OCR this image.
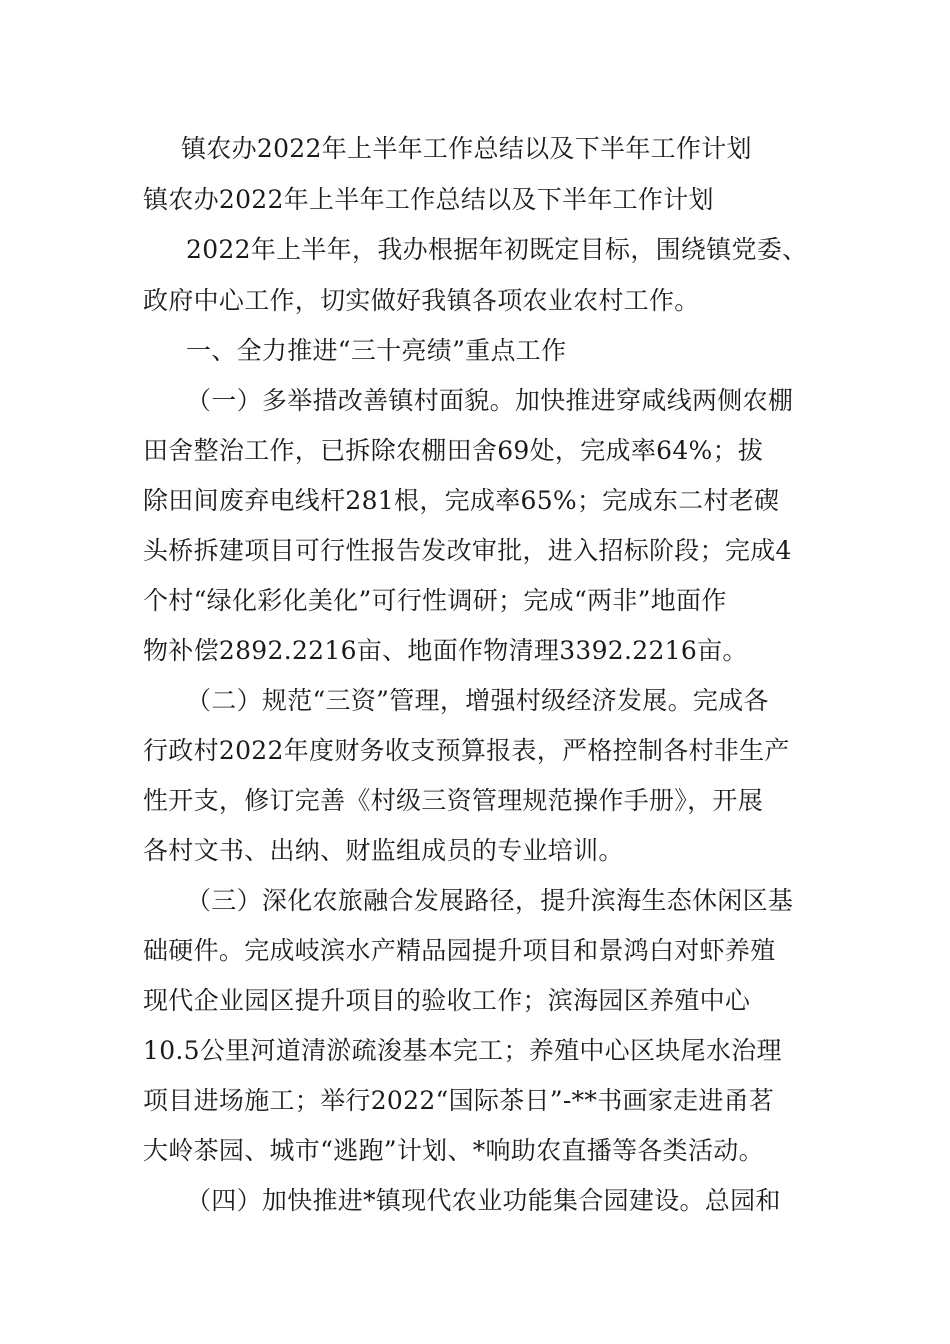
镇农办2022年上半年工作总结以及下半年工作计划
镇农办2022年上半年工作总结以及下半年工作计划
2022年上半年，我办根据年初既定目标，围绕镇党委、
政府中心工作，切实做好我镇各项农业农村工作。
一、全力推进“三十亮绩”重点工作
（一）多举措改善镇村面貌。加快推进穿咸线两侧农棚
田舍整治工作，已拆除农棚田舍69处，完成率64%；拔
除田间废弃电线杆281根，完成率65%；完成东二村老碶
头桥拆建项目可行性报告发改审批，进入招标阶段；完成4
个村“绿化彩化美化”可行性调研；完成“两非”地面作
物补偿2892.2216亩、地面作物清理3392.2216亩。
（二）规范“三资”管理，增强村级经济发展。完成各
行政村2022年度财务收支预算报表，严格控制各村非生产
性开支，修订完善《村级三资管理规范操作手册》，开展
各村文书、出纳、财监组成员的专业培训。
（三）深化农旅融合发展路径，提升滨海生态休闲区基
础硬件。完成岐滨水产精品园提升项目和景鸿白对虾养殖
现代企业园区提升项目的验收工作；滨海园区养殖中心
10.5公里河道清淤疏浚基本完工；养殖中心区块尾水治理
项目进场施工；举行2022“国际茶日”-**书画家走进甬茗
大岭茶园、城市“逃跑”计划、*响助农直播等各类活动。
（四）加快推进*镇现代农业功能集合园建设。总园和
